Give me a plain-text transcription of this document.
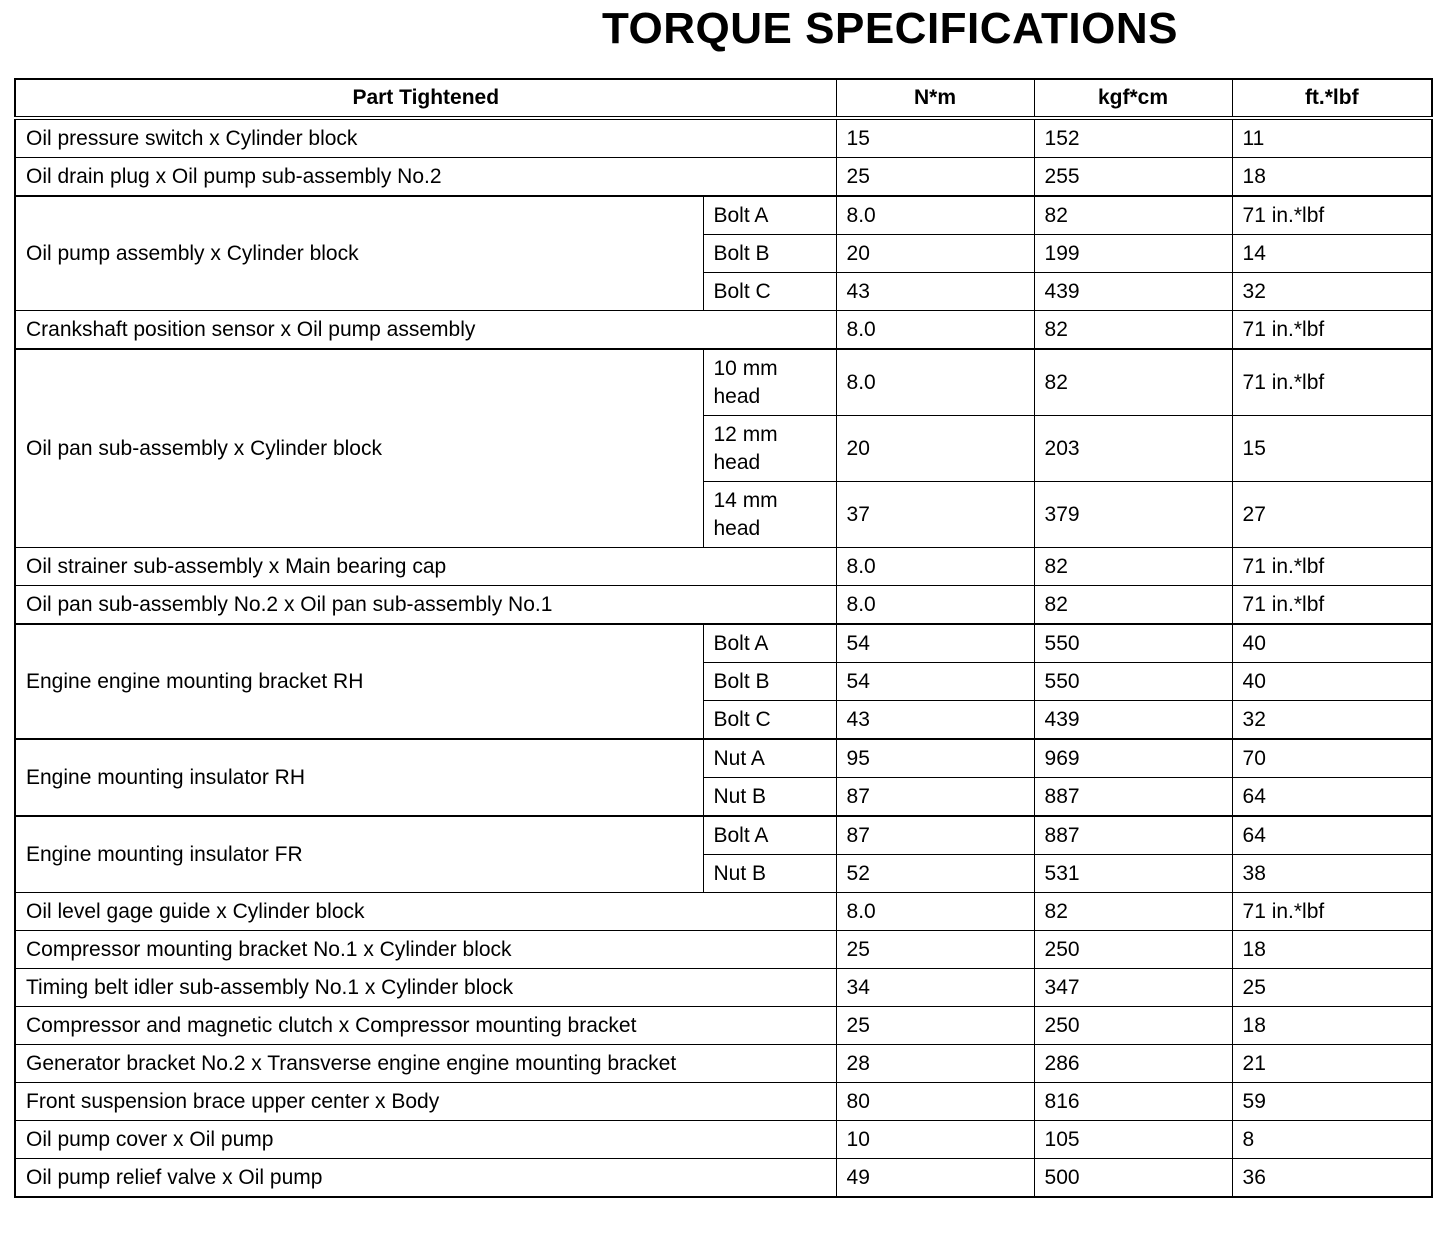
TORQUE SPECIFICATIONS
Part Tightened		N*m	kgf*cm	ft.*lbf
Oil pressure switch x Cylinder block		15	152	11
Oil drain plug x Oil pump sub-assembly No.2		25	255	18
Oil pump assembly x Cylinder block	Bolt A	8.0	82	71 in.*lbf
	Bolt B	20	199	14
	Bolt C	43	439	32
Crankshaft position sensor x Oil pump assembly		8.0	82	71 in.*lbf
Oil pan sub-assembly x Cylinder block	10 mm head	8.0	82	71 in.*lbf
	12 mm head	20	203	15
	14 mm head	37	379	27
Oil strainer sub-assembly x Main bearing cap		8.0	82	71 in.*lbf
Oil pan sub-assembly No.2 x Oil pan sub-assembly No.1		8.0	82	71 in.*lbf
Engine engine mounting bracket RH	Bolt A	54	550	40
	Bolt B	54	550	40
	Bolt C	43	439	32
Engine mounting insulator RH	Nut A	95	969	70
	Nut B	87	887	64
Engine mounting insulator FR	Bolt A	87	887	64
	Nut B	52	531	38
Oil level gage guide x Cylinder block		8.0	82	71 in.*lbf
Compressor mounting bracket No.1 x Cylinder block		25	250	18
Timing belt idler sub-assembly No.1 x Cylinder block		34	347	25
Compressor and magnetic clutch x Compressor mounting bracket		25	250	18
Generator bracket No.2 x Transverse engine engine mounting bracket		28	286	21
Front suspension brace upper center x Body		80	816	59
Oil pump cover x Oil pump		10	105	8
Oil pump relief valve x Oil pump		49	500	36
